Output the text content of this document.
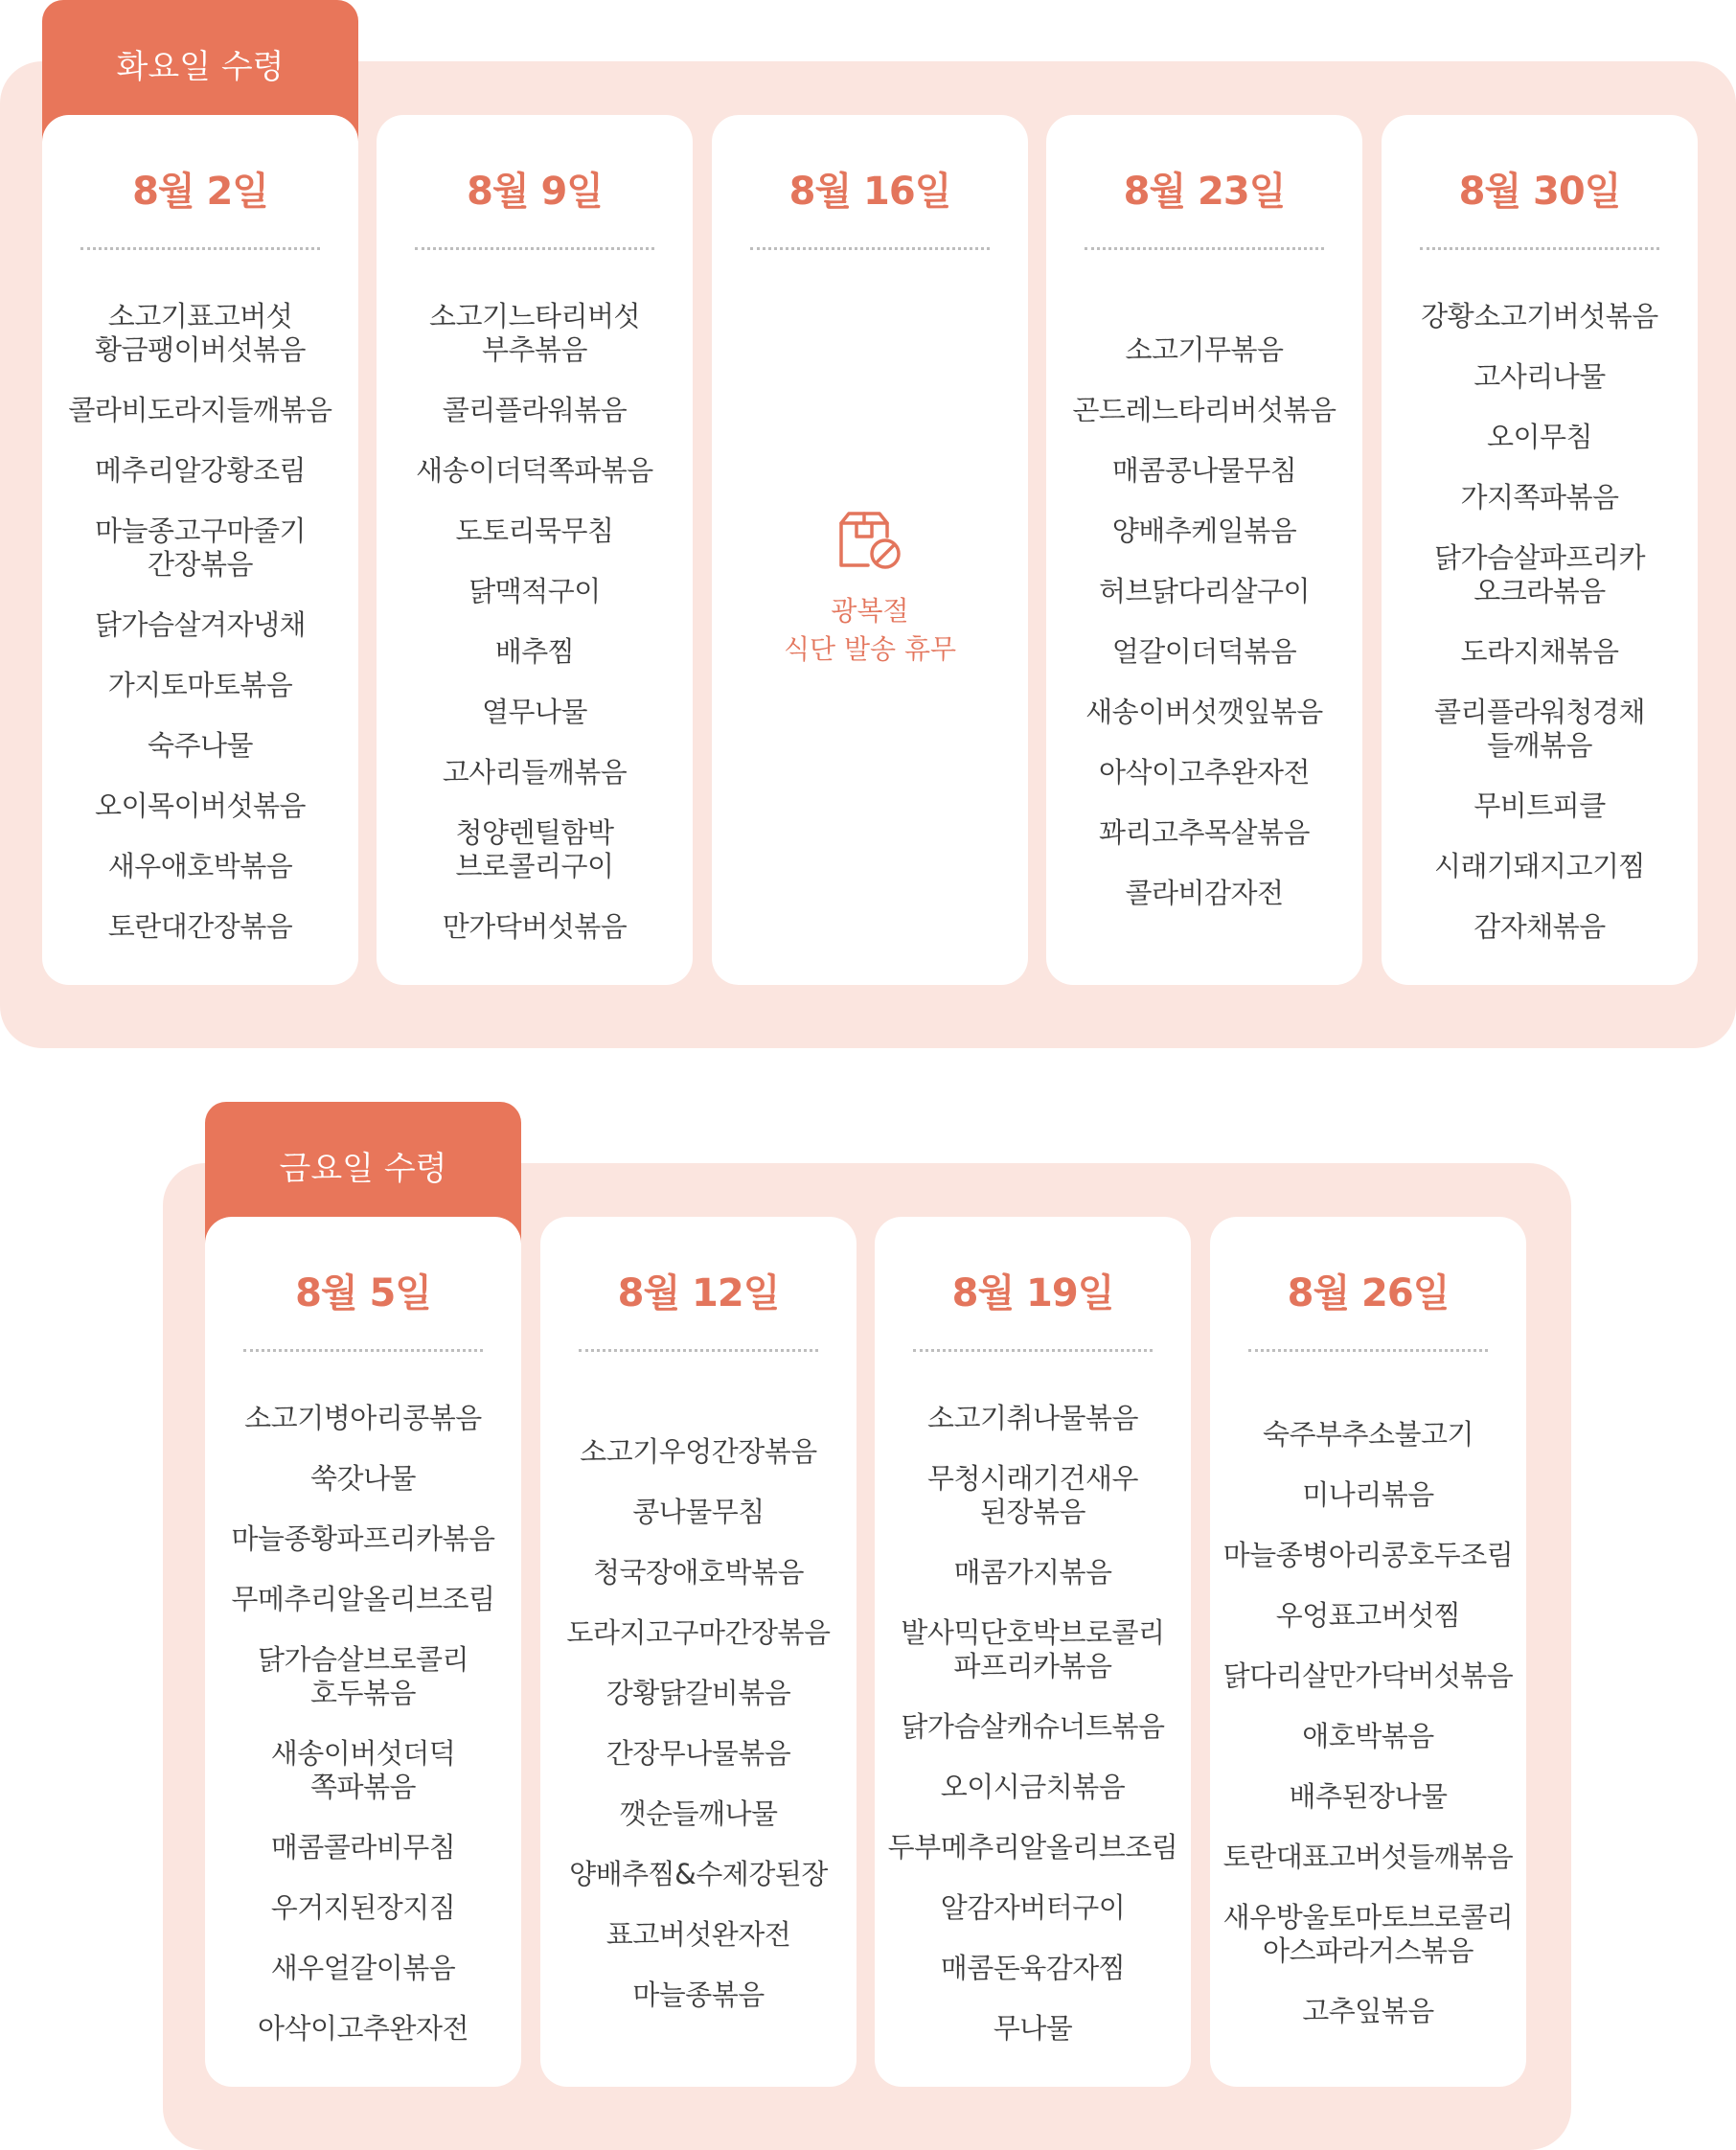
화요일 수령
8월 2일
소고기표고버섯
황금팽이버섯볶음
콜라비도라지들깨볶음
메추리알강황조림
마늘종고구마줄기
간장볶음
닭가슴살겨자냉채
가지토마토볶음
숙주나물
오이목이버섯볶음
새우애호박볶음
토란대간장볶음
8월 9일
소고기느타리버섯
부추볶음
콜리플라워볶음
새송이더덕쪽파볶음
도토리묵무침
닭맥적구이
배추찜
열무나물
고사리들깨볶음
청양렌틸함박
브로콜리구이
만가닥버섯볶음
8월 16일
광복절
식단 발송 휴무
8월 23일
소고기무볶음
곤드레느타리버섯볶음
매콤콩나물무침
양배추케일볶음
허브닭다리살구이
얼갈이더덕볶음
새송이버섯깻잎볶음
아삭이고추완자전
꽈리고추목살볶음
콜라비감자전
8월 30일
강황소고기버섯볶음
고사리나물
오이무침
가지쪽파볶음
닭가슴살파프리카
오크라볶음
도라지채볶음
콜리플라워청경채
들깨볶음
무비트피클
시래기돼지고기찜
감자채볶음
금요일 수령
8월 5일
소고기병아리콩볶음
쑥갓나물
마늘종황파프리카볶음
무메추리알올리브조림
닭가슴살브로콜리
호두볶음
새송이버섯더덕
쪽파볶음
매콤콜라비무침
우거지된장지짐
새우얼갈이볶음
아삭이고추완자전
8월 12일
소고기우엉간장볶음
콩나물무침
청국장애호박볶음
도라지고구마간장볶음
강황닭갈비볶음
간장무나물볶음
깻순들깨나물
양배추찜&수제강된장
표고버섯완자전
마늘종볶음
8월 19일
소고기취나물볶음
무청시래기건새우
된장볶음
매콤가지볶음
발사믹단호박브로콜리
파프리카볶음
닭가슴살캐슈너트볶음
오이시금치볶음
두부메추리알올리브조림
알감자버터구이
매콤돈육감자찜
무나물
8월 26일
숙주부추소불고기
미나리볶음
마늘종병아리콩호두조림
우엉표고버섯찜
닭다리살만가닥버섯볶음
애호박볶음
배추된장나물
토란대표고버섯들깨볶음
새우방울토마토브로콜리
아스파라거스볶음
고추잎볶음
